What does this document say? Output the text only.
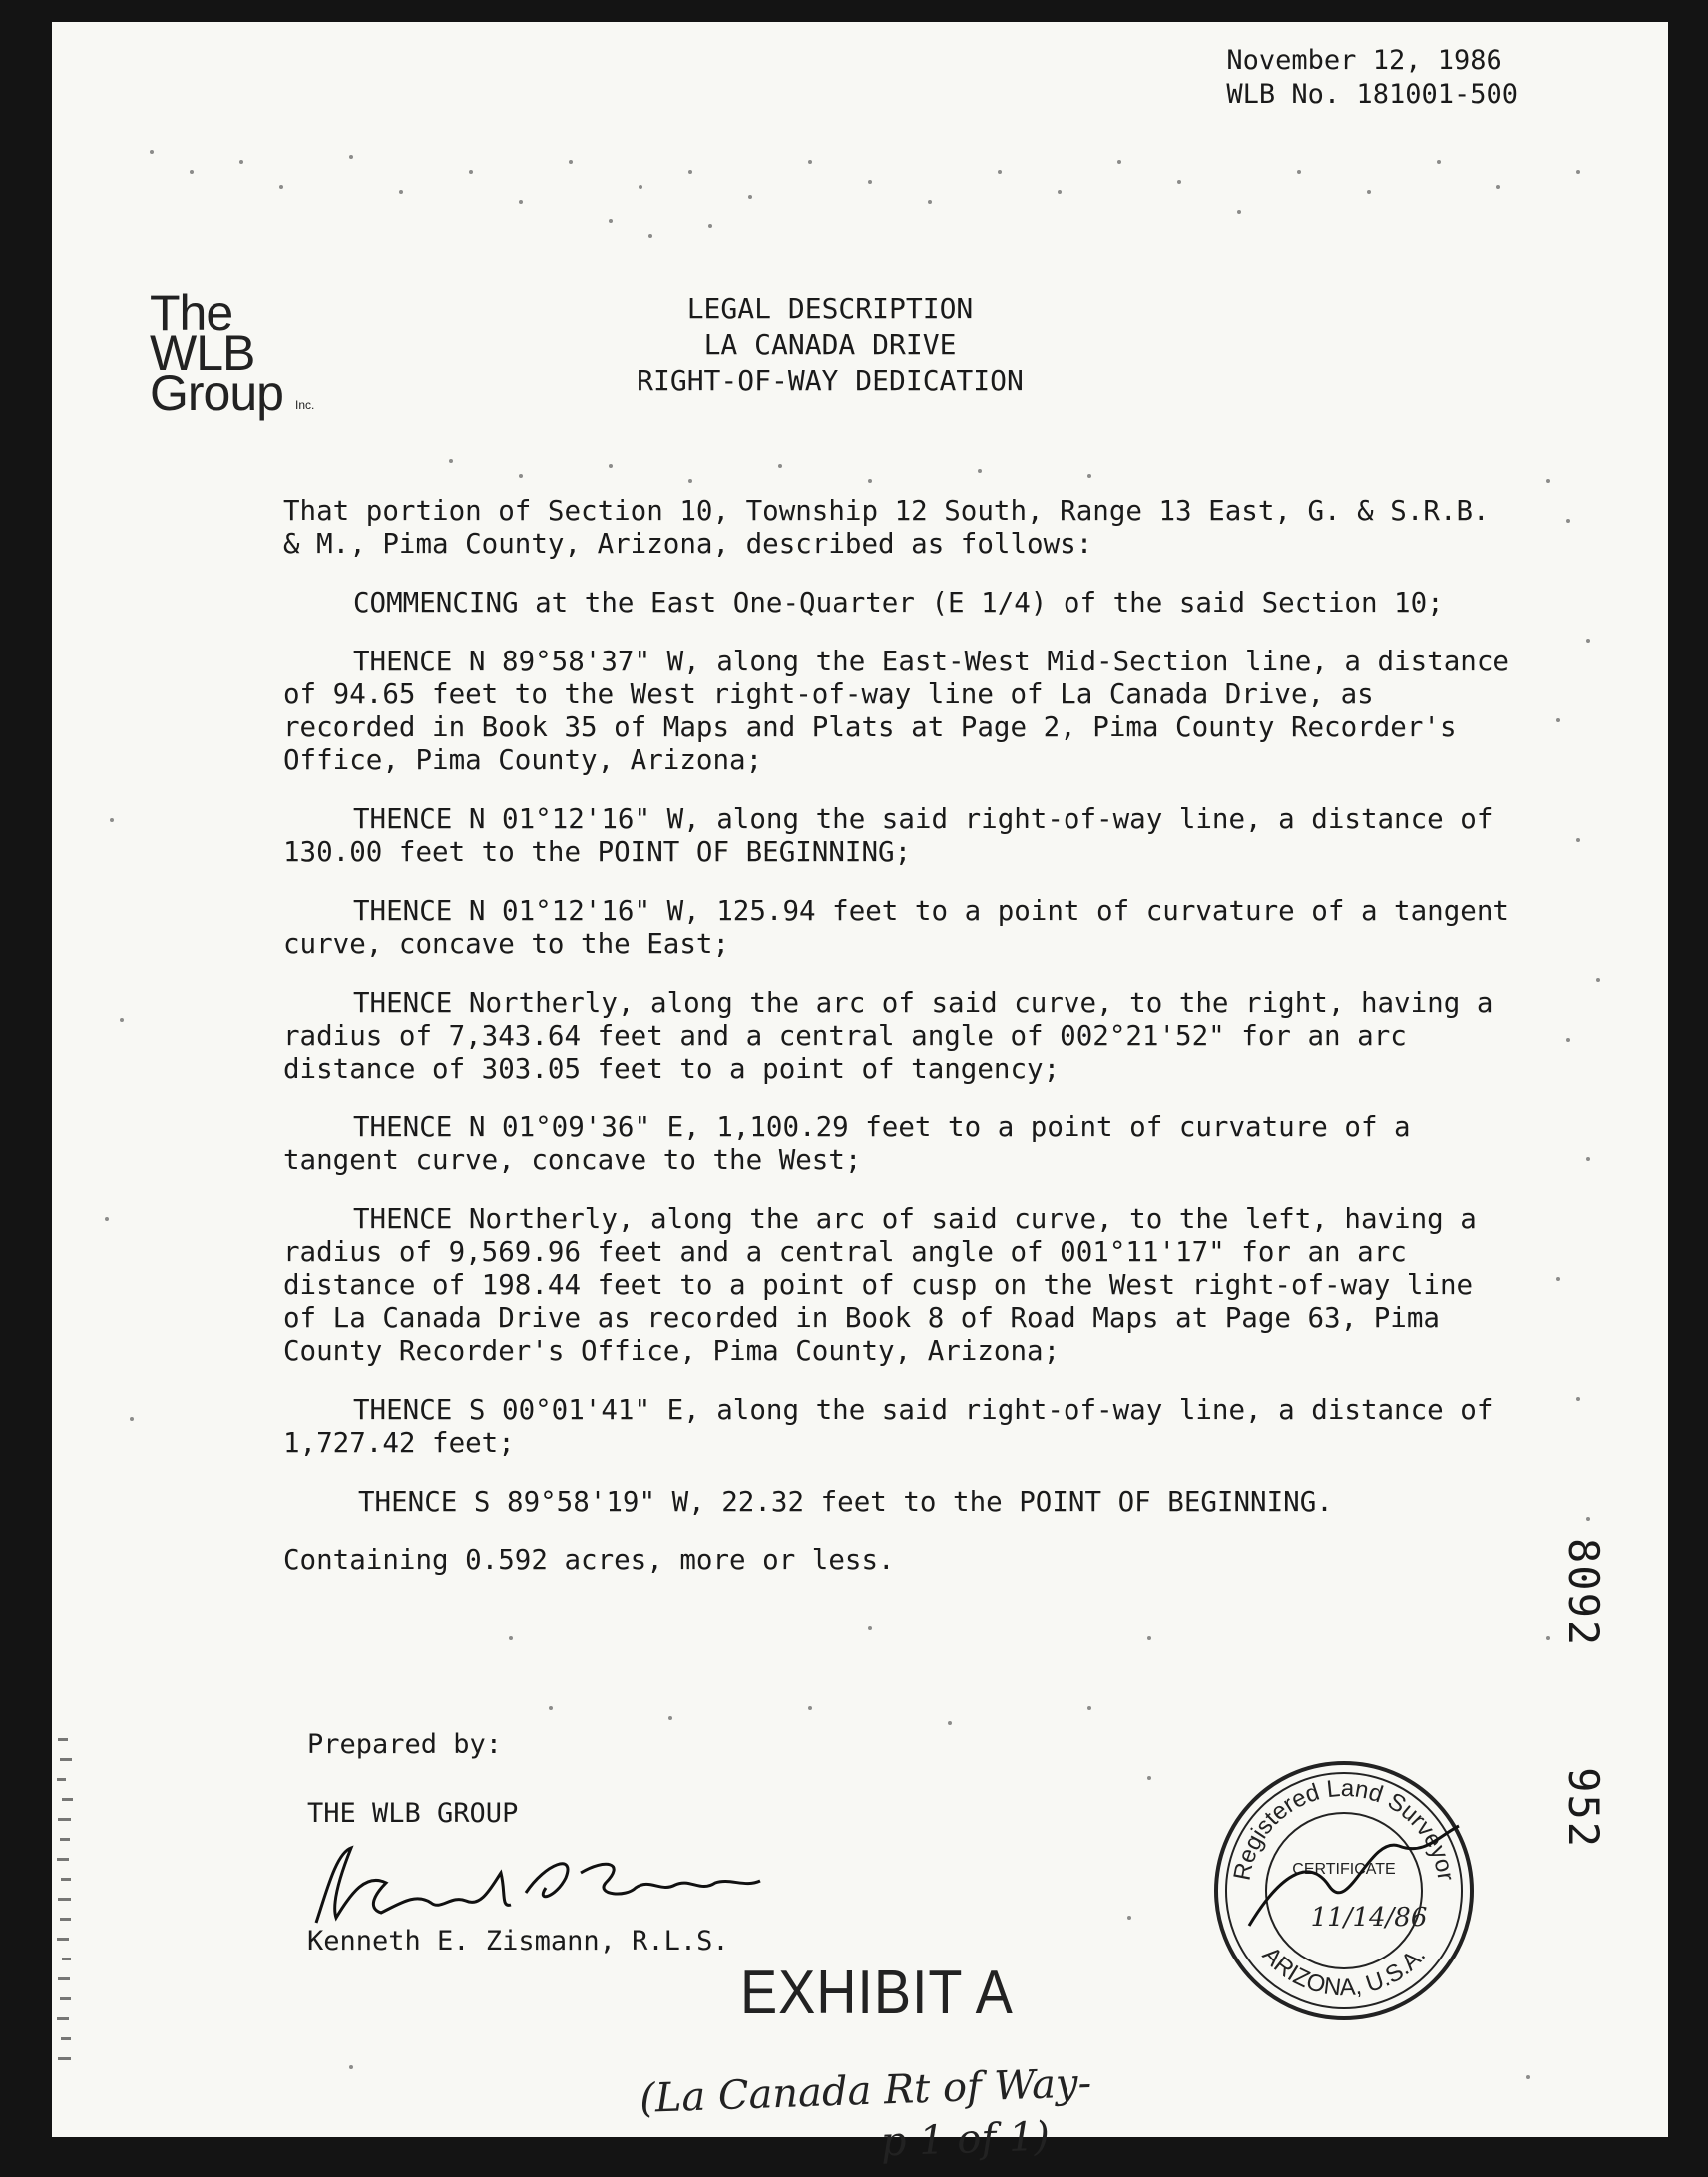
November 12, 1986
WLB No. 181001-500
The
WLB
Group	Inc.
LEGAL DESCRIPTION
LA CANADA DRIVE
RIGHT-OF-WAY DEDICATION

That portion of Section 10, Township 12 South, Range 13 East, G. & S.R.B. & M., Pima County, Arizona, described as follows:

COMMENCING at the East One-Quarter (E 1/4) of the said Section 10;

THENCE N 89°58'37" W, along the East-West Mid-Section line, a distance of 94.65 feet to the West right-of-way line of La Canada Drive, as recorded in Book 35 of Maps and Plats at Page 2, Pima County Recorder's Office, Pima County, Arizona;

THENCE N 01°12'16" W, along the said right-of-way line, a distance of 130.00 feet to the POINT OF BEGINNING;

THENCE N 01°12'16" W, 125.94 feet to a point of curvature of a tangent curve, concave to the East;

THENCE Northerly, along the arc of said curve, to the right, having a radius of 7,343.64 feet and a central angle of 002°21'52" for an arc distance of 303.05 feet to a point of tangency;

THENCE N 01°09'36" E, 1,100.29 feet to a point of curvature of a tangent curve, concave to the West;

THENCE Northerly, along the arc of said curve, to the left, having a radius of 9,569.96 feet and a central angle of 001°11'17" for an arc distance of 198.44 feet to a point of cusp on the West right-of-way line of La Canada Drive as recorded in Book 8 of Road Maps at Page 63, Pima County Recorder's Office, Pima County, Arizona;

THENCE S 00°01'41" E, along the said right-of-way line, a distance of 1,727.42 feet;

THENCE S 89°58'19" W, 22.32 feet to the POINT OF BEGINNING.

Containing 0.592 acres, more or less.

Prepared by:
THE WLB GROUP
Kenneth E. Zismann, R.L.S.
EXHIBIT A
(La Canada Rt of Way-
p 1 of 1)
Registered Land Surveyor
ARIZONA, U.S.A.
CERTIFICATE
11/14/86
8092952
